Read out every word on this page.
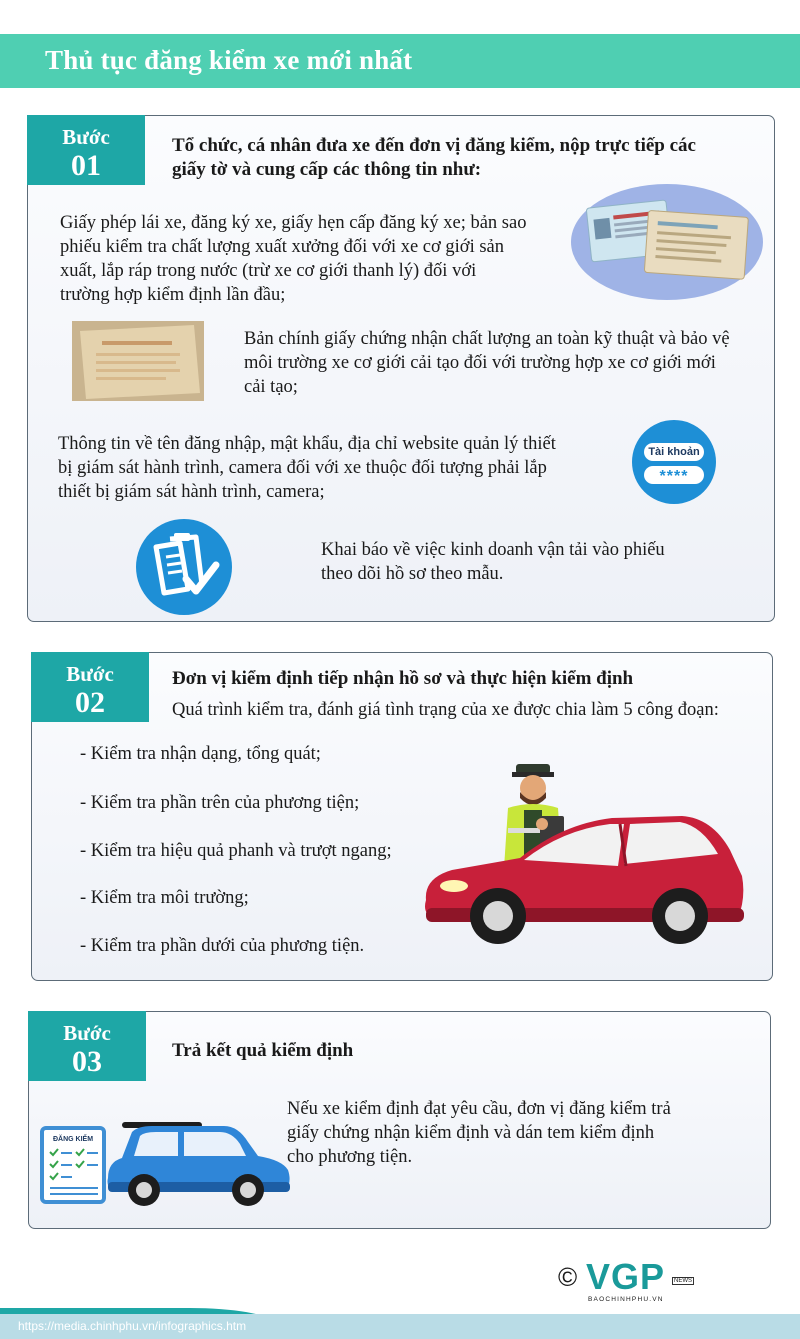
Thủ tục đăng kiểm xe mới nhất
Bước
01
Tổ chức, cá nhân đưa xe đến đơn vị đăng kiểm, nộp trực tiếp các
giấy tờ và cung cấp các thông tin như:
Giấy phép lái xe, đăng ký xe, giấy hẹn cấp đăng ký xe; bản sao
phiếu kiểm tra chất lượng xuất xưởng đối với xe cơ giới sản
xuất, lắp ráp trong nước (trừ xe cơ giới thanh lý) đối với
trường hợp kiểm định lần đầu;
Bản chính giấy chứng nhận chất lượng an toàn kỹ thuật và bảo vệ
môi trường xe cơ giới cải tạo đối với trường hợp xe cơ giới mới
cải tạo;
Thông tin về tên đăng nhập, mật khẩu, địa chỉ website quản lý thiết
bị giám sát hành trình, camera đối với xe thuộc đối tượng phải lắp
thiết bị giám sát hành trình, camera;
Tài khoản
****
Khai báo về việc kinh doanh vận tải vào phiếu
theo dõi hồ sơ theo mẫu.
Bước
02
Đơn vị kiểm định tiếp nhận hồ sơ và thực hiện kiểm định
Quá trình kiểm tra, đánh giá tình trạng của xe được chia làm 5 công đoạn:
- Kiểm tra nhận dạng, tổng quát;
- Kiểm tra phần trên của phương tiện;
- Kiểm tra hiệu quả phanh và trượt ngang;
- Kiểm tra môi trường;
- Kiểm tra phần dưới của phương tiện.
Bước
03	Trả kết quả kiểm định
ĐĂNG KIỂM
Nếu xe kiểm định đạt yêu cầu, đơn vị đăng kiểm trả
giấy chứng nhận kiểm định và dán tem kiểm định
cho phương tiện.
© VGP	NEWS
BAOCHINHPHU.VN
https://media.chinhphu.vn/infographics.htm
